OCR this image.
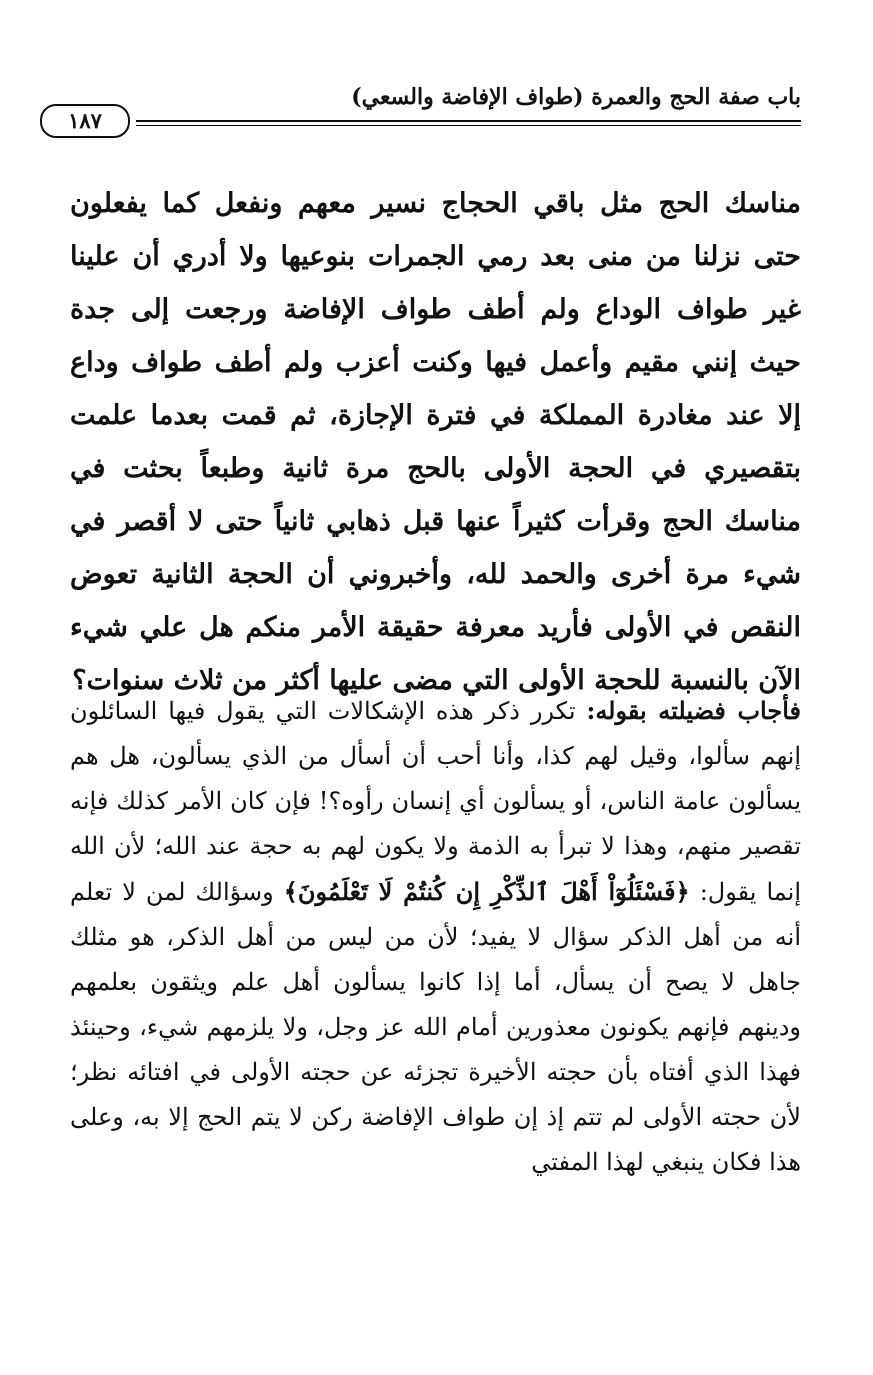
باب صفة الحج والعمرة (طواف الإفاضة والسعي)
١٨٧

مناسك الحج مثل باقي الحجاج نسير معهم ونفعل كما يفعلون حتى نزلنا من منى بعد رمي الجمرات بنوعيها ولا أدري أن علينا غير طواف الوداع ولم أطف طواف الإفاضة ورجعت إلى جدة حيث إنني مقيم وأعمل فيها وكنت أعزب ولم أطف طواف وداع إلا عند مغادرة المملكة في فترة الإجازة، ثم قمت بعدما علمت بتقصيري في الحجة الأولى بالحج مرة ثانية وطبعاً بحثت في مناسك الحج وقرأت كثيراً عنها قبل ذهابي ثانياً حتى لا أقصر في شيء مرة أخرى والحمد لله، وأخبروني أن الحجة الثانية تعوض النقص في الأولى فأريد معرفة حقيقة الأمر منكم هل علي شيء الآن بالنسبة للحجة الأولى التي مضى عليها أكثر من ثلاث سنوات؟

فأجاب فضيلته بقوله: تكرر ذكر هذه الإشكالات التي يقول فيها السائلون إنهم سألوا، وقيل لهم كذا، وأنا أحب أن أسأل من الذي يسألون، هل هم يسألون عامة الناس، أو يسألون أي إنسان رأوه؟! فإن كان الأمر كذلك فإنه تقصير منهم، وهذا لا تبرأ به الذمة ولا يكون لهم به حجة عند الله؛ لأن الله إنما يقول: ﴿فَسْئَلُوٓاْ أَهْلَ ٱلذِّكْرِ إِن كُنتُمْ لَا تَعْلَمُونَ﴾ وسؤالك لمن لا تعلم أنه من أهل الذكر سؤال لا يفيد؛ لأن من ليس من أهل الذكر، هو مثلك جاهل لا يصح أن يسأل، أما إذا كانوا يسألون أهل علم ويثقون بعلمهم ودينهم فإنهم يكونون معذورين أمام الله عز وجل، ولا يلزمهم شيء، وحينئذ فهذا الذي أفتاه بأن حجته الأخيرة تجزئه عن حجته الأولى في افتائه نظر؛ لأن حجته الأولى لم تتم إذ إن طواف الإفاضة ركن لا يتم الحج إلا به، وعلى هذا فكان ينبغي لهذا المفتي
